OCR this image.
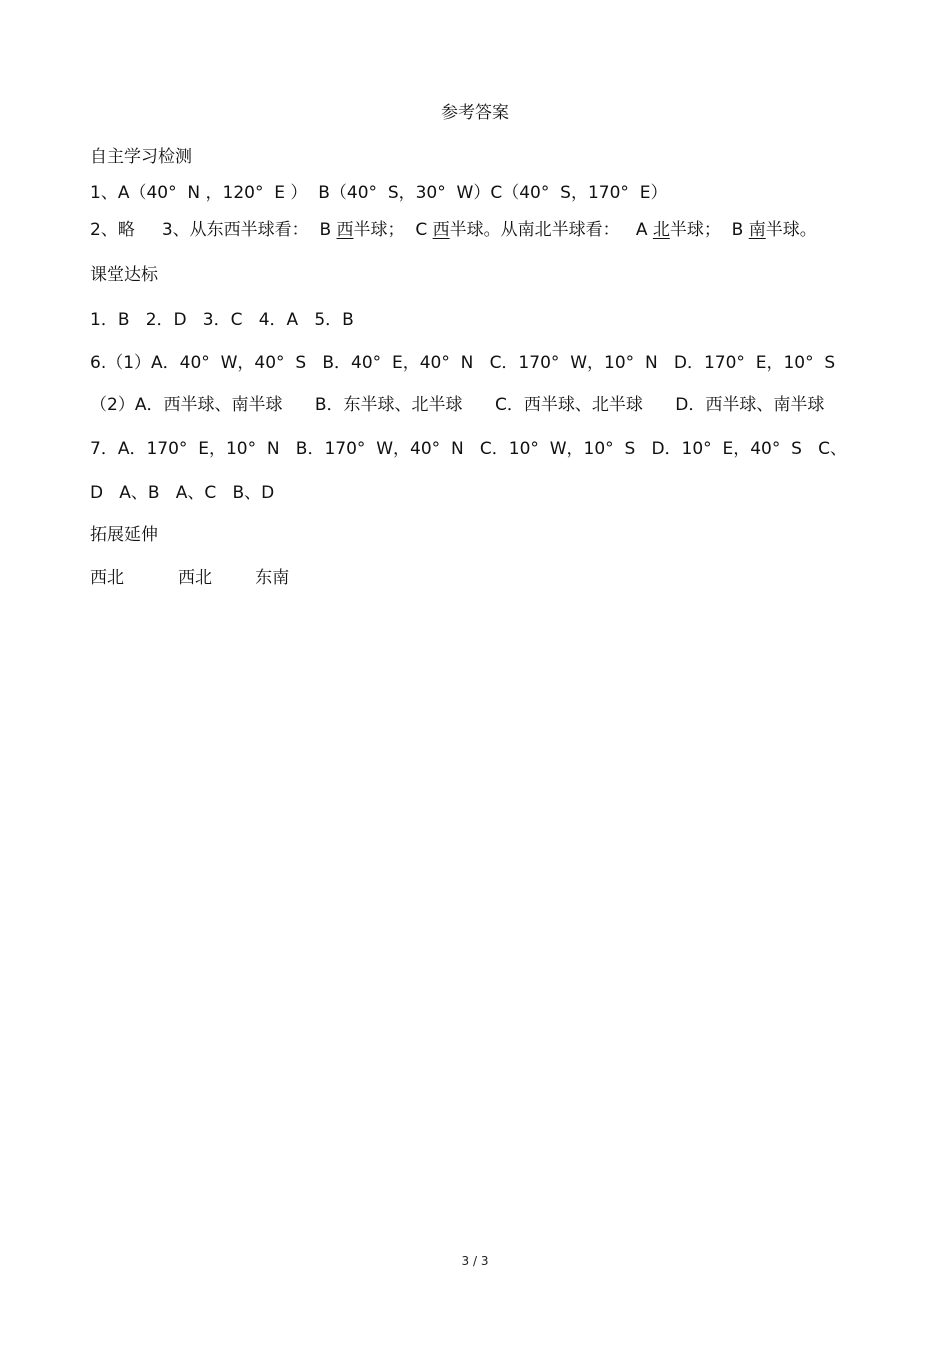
参考答案
自主学习检测
1、A（40°  N ，120°  E ）  B（40°  S，30°  W）C（40°  S，170°  E）
2、略     3、从东西半球看：  B 西半球；  C 西半球。从南北半球看：   A 北半球；  B 南半球。
课堂达标
1．B   2．D   3．C   4．A   5．B
6.（1）A．40°  W，40°  S   B．40°  E，40°  N   C．170°  W，10°  N   D．170°  E，10°  S
（2）A．西半球、南半球      B．东半球、北半球      C．西半球、北半球      D．西半球、南半球
7．A．170°  E，10°  N   B．170°  W，40°  N   C．10°  W，10°  S   D．10°  E，40°  S   C、
D   A、B   A、C   B、D
拓展延伸
西北          西北        东南
3 / 3
